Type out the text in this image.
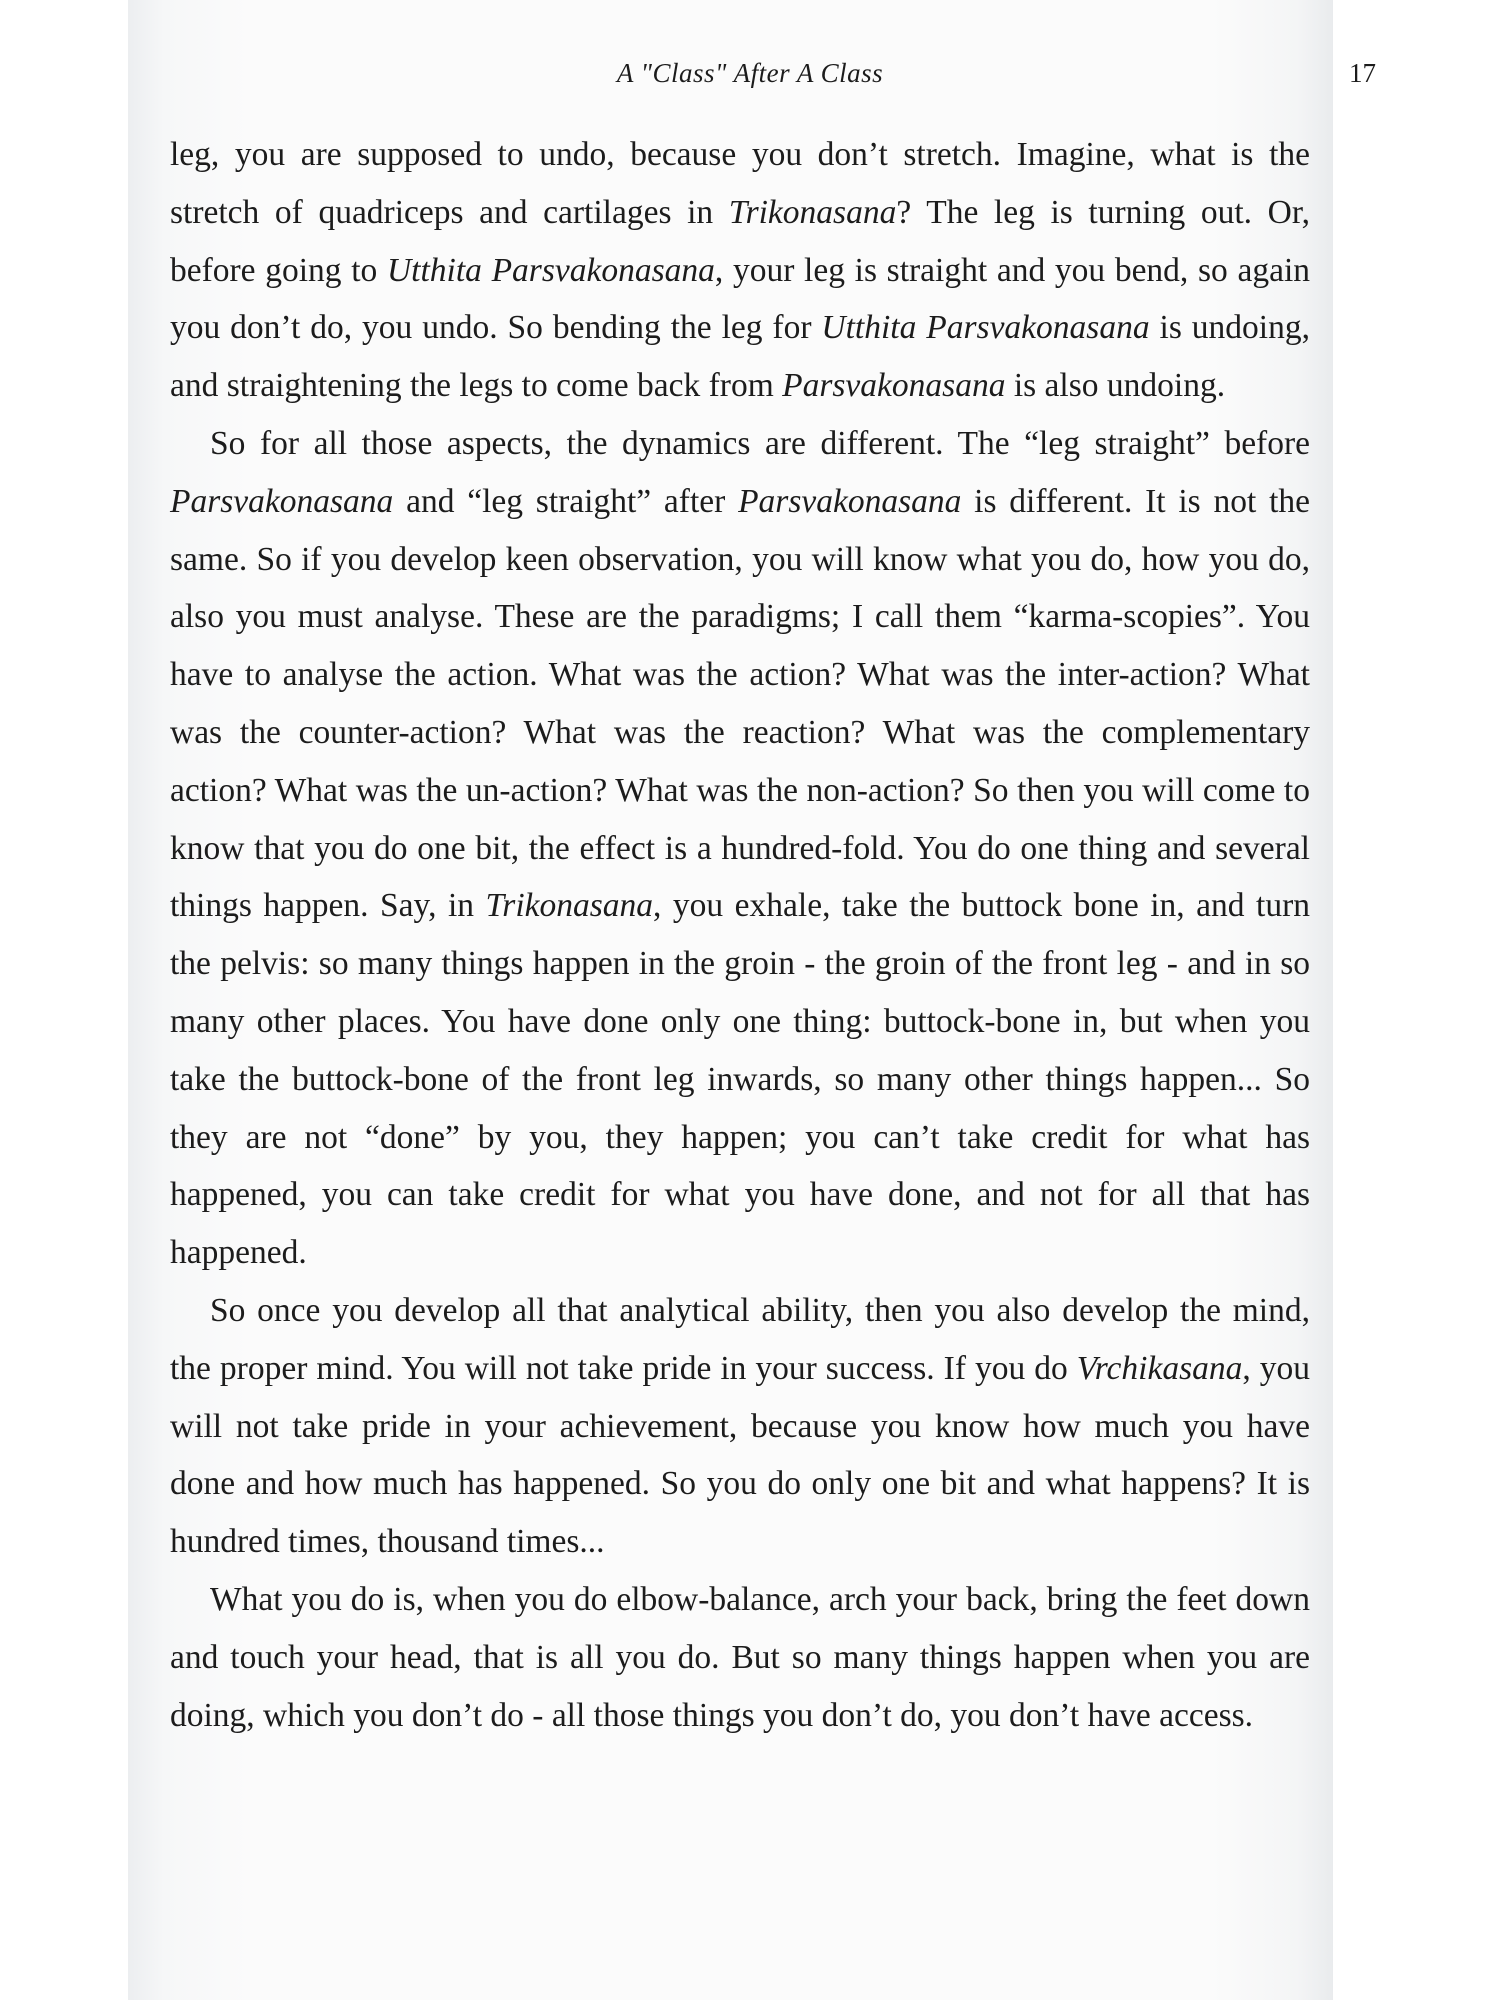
A "Class" After A Class	17

leg, you are supposed to undo, because you don’t stretch. Imagine, what is the stretch of quadriceps and cartilages in Trikonasana? The leg is turning out. Or, before going to Utthita Parsvakonasana, your leg is straight and you bend, so again you don’t do, you undo. So bending the leg for Utthita Parsvakonasana is undoing, and straightening the legs to come back from Parsvakonasana is also undoing.

So for all those aspects, the dynamics are different. The “leg straight” before Parsvakonasana and “leg straight” after Parsvakonasana is different. It is not the same. So if you develop keen observation, you will know what you do, how you do, also you must analyse. These are the paradigms; I call them “karma-scopies”. You have to analyse the action. What was the action? What was the inter-action? What was the counter-action? What was the reaction? What was the complementary action? What was the un-action? What was the non-action? So then you will come to know that you do one bit, the effect is a hundred-fold. You do one thing and several things happen. Say, in Trikonasana, you exhale, take the buttock bone in, and turn the pelvis: so many things happen in the groin - the groin of the front leg - and in so many other places. You have done only one thing: buttock-bone in, but when you take the buttock-bone of the front leg inwards, so many other things happen... So they are not “done” by you, they happen; you can’t take credit for what has happened, you can take credit for what you have done, and not for all that has happened.

So once you develop all that analytical ability, then you also develop the mind, the proper mind. You will not take pride in your success. If you do Vrchikasana, you will not take pride in your achievement, because you know how much you have done and how much has happened. So you do only one bit and what happens? It is hundred times, thousand times...

What you do is, when you do elbow-balance, arch your back, bring the feet down and touch your head, that is all you do. But so many things happen when you are doing, which you don’t do - all those things you don’t do, you don’t have access.
